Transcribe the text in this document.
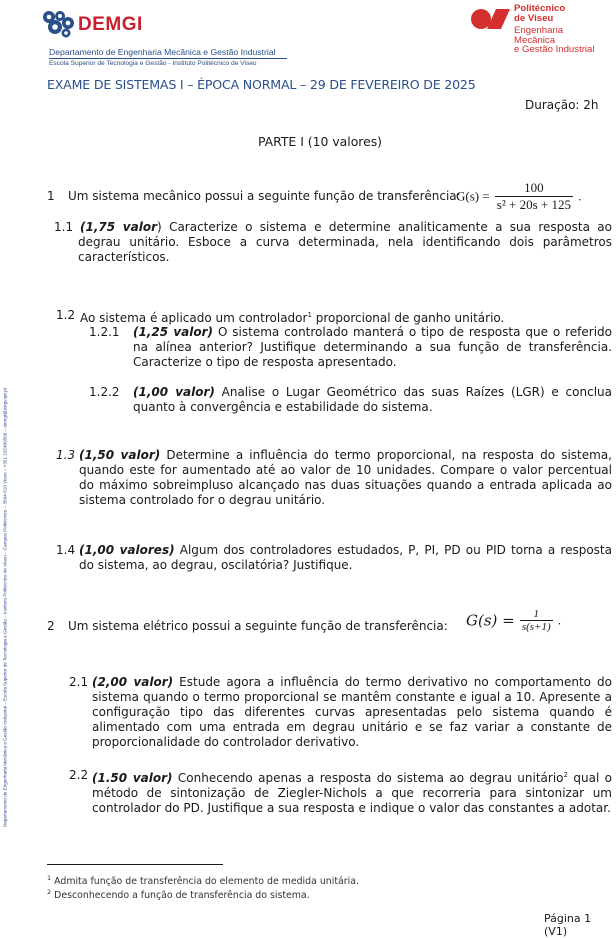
DEMGI
Departamento de Engenharia Mecânica e Gestão Industrial
Escola Superior de Tecnologia e Gestão - Instituto Politécnico de Viseu
Politécnico
de Viseu
Engenharia
Mecânica
e Gestão Industrial
Departamento de Engenharia Mecânica e Gestão Industrial – Escola Superior de Tecnologia e Gestão – Instituto Politécnico de Viseu – Campus Politécnico – 3504-510 Viseu – +351 232480500 – demgi@estgv.ipv.pt
EXAME DE SISTEMAS I – ÉPOCA NORMAL – 29 DE FEVEREIRO DE 2025
Duração: 2h
PARTE I (10 valores)
1	Um sistema mecânico possui a seguinte função de transferência:
$G(s) = \frac{100}{\text{s² + 20s + 125}}$ .
1.1 (1,75 valor) Caracterize o sistema e determine analiticamente a sua resposta ao degrau unitário. Esboce a curva determinada, nela identificando dois parâmetros característicos.
1.2 Ao sistema é aplicado um controlador$^1$ proporcional de ganho unitário.
1.2.1	(1,25 valor) O sistema controlado manterá o tipo de resposta que o referido na alínea anterior? Justifique determinando a sua função de transferência. Caracterize o tipo de resposta apresentado.
1.2.2	(1,00 valor) Analise o Lugar Geométrico das suas Raízes (LGR) e conclua quanto à convergência e estabilidade do sistema.
1.3 (1,50 valor) Determine a influência do termo proporcional, na resposta do sistema, quando este for aumentado até ao valor de 10 unidades. Compare o valor percentual do máximo sobreimpluso alcançado nas duas situações quando a entrada aplicada ao sistema controlado for o degrau unitário.
1.4 (1,00 valores) Algum dos controladores estudados, P, PI, PD ou PID torna a resposta do sistema, ao degrau, oscilatória? Justifique.
2	Um sistema elétrico possui a seguinte função de transferência:	$G(s) = \frac{1}{s(s+1)}$ .
2.1 (2,00 valor) Estude agora a influência do termo derivativo no comportamento do sistema quando o termo proporcional se mantêm constante e igual a 10. Apresente a configuração tipo das diferentes curvas apresentadas pelo sistema quando é alimentado com uma entrada em degrau unitário e se faz variar a constante de proporcionalidade do controlador derivativo.
2.2 (1.50 valor) Conhecendo apenas a resposta do sistema ao degrau unitário$^2$ qual o método de sintonização de Ziegler-Nichols a que recorreria para sintonizar um controlador do PD. Justifique a sua resposta e indique o valor das constantes a adotar.
$^1$ Admita função de transferência do elemento de medida unitária.
$^2$ Desconhecendo a função de transferência do sistema.
Página 1 (V1)
